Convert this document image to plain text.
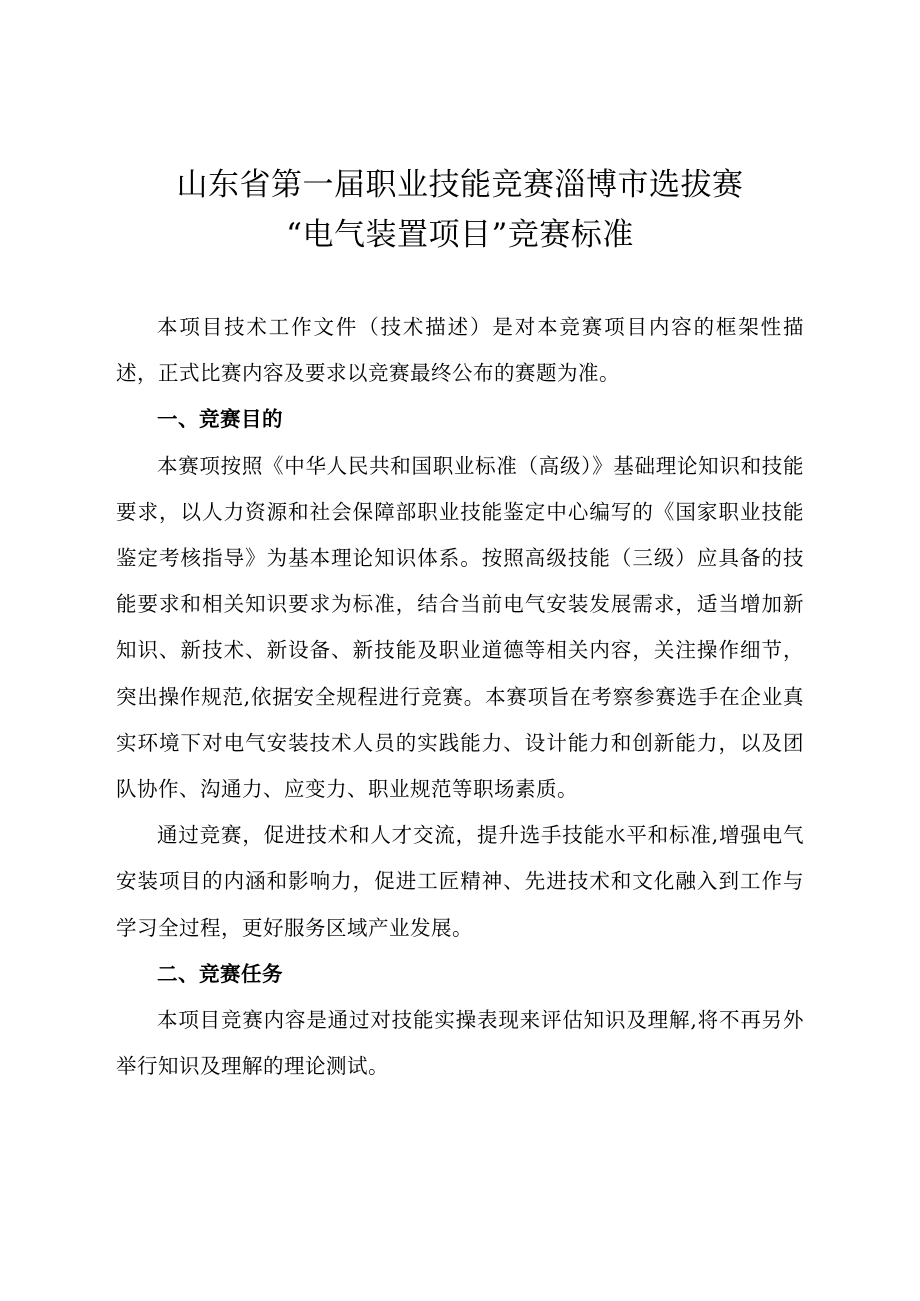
山东省第一届职业技能竞赛淄博市选拔赛
“电气装置项目”竞赛标准

本项目技术工作文件（技术描述）是对本竞赛项目内容的框架性描述，正式比赛内容及要求以竞赛最终公布的赛题为准。

一、竞赛目的

本赛项按照《中华人民共和国职业标准（高级）》基础理论知识和技能要求，以人力资源和社会保障部职业技能鉴定中心编写的《国家职业技能鉴定考核指导》为基本理论知识体系。按照高级技能（三级）应具备的技能要求和相关知识要求为标准，结合当前电气安装发展需求，适当增加新知识、新技术、新设备、新技能及职业道德等相关内容，关注操作细节，突出操作规范,依据安全规程进行竞赛。本赛项旨在考察参赛选手在企业真实环境下对电气安装技术人员的实践能力、设计能力和创新能力，以及团队协作、沟通力、应变力、职业规范等职场素质。

通过竞赛，促进技术和人才交流，提升选手技能水平和标准,增强电气安装项目的内涵和影响力，促进工匠精神、先进技术和文化融入到工作与学习全过程，更好服务区域产业发展。

二、竞赛任务

本项目竞赛内容是通过对技能实操表现来评估知识及理解,将不再另外举行知识及理解的理论测试。
